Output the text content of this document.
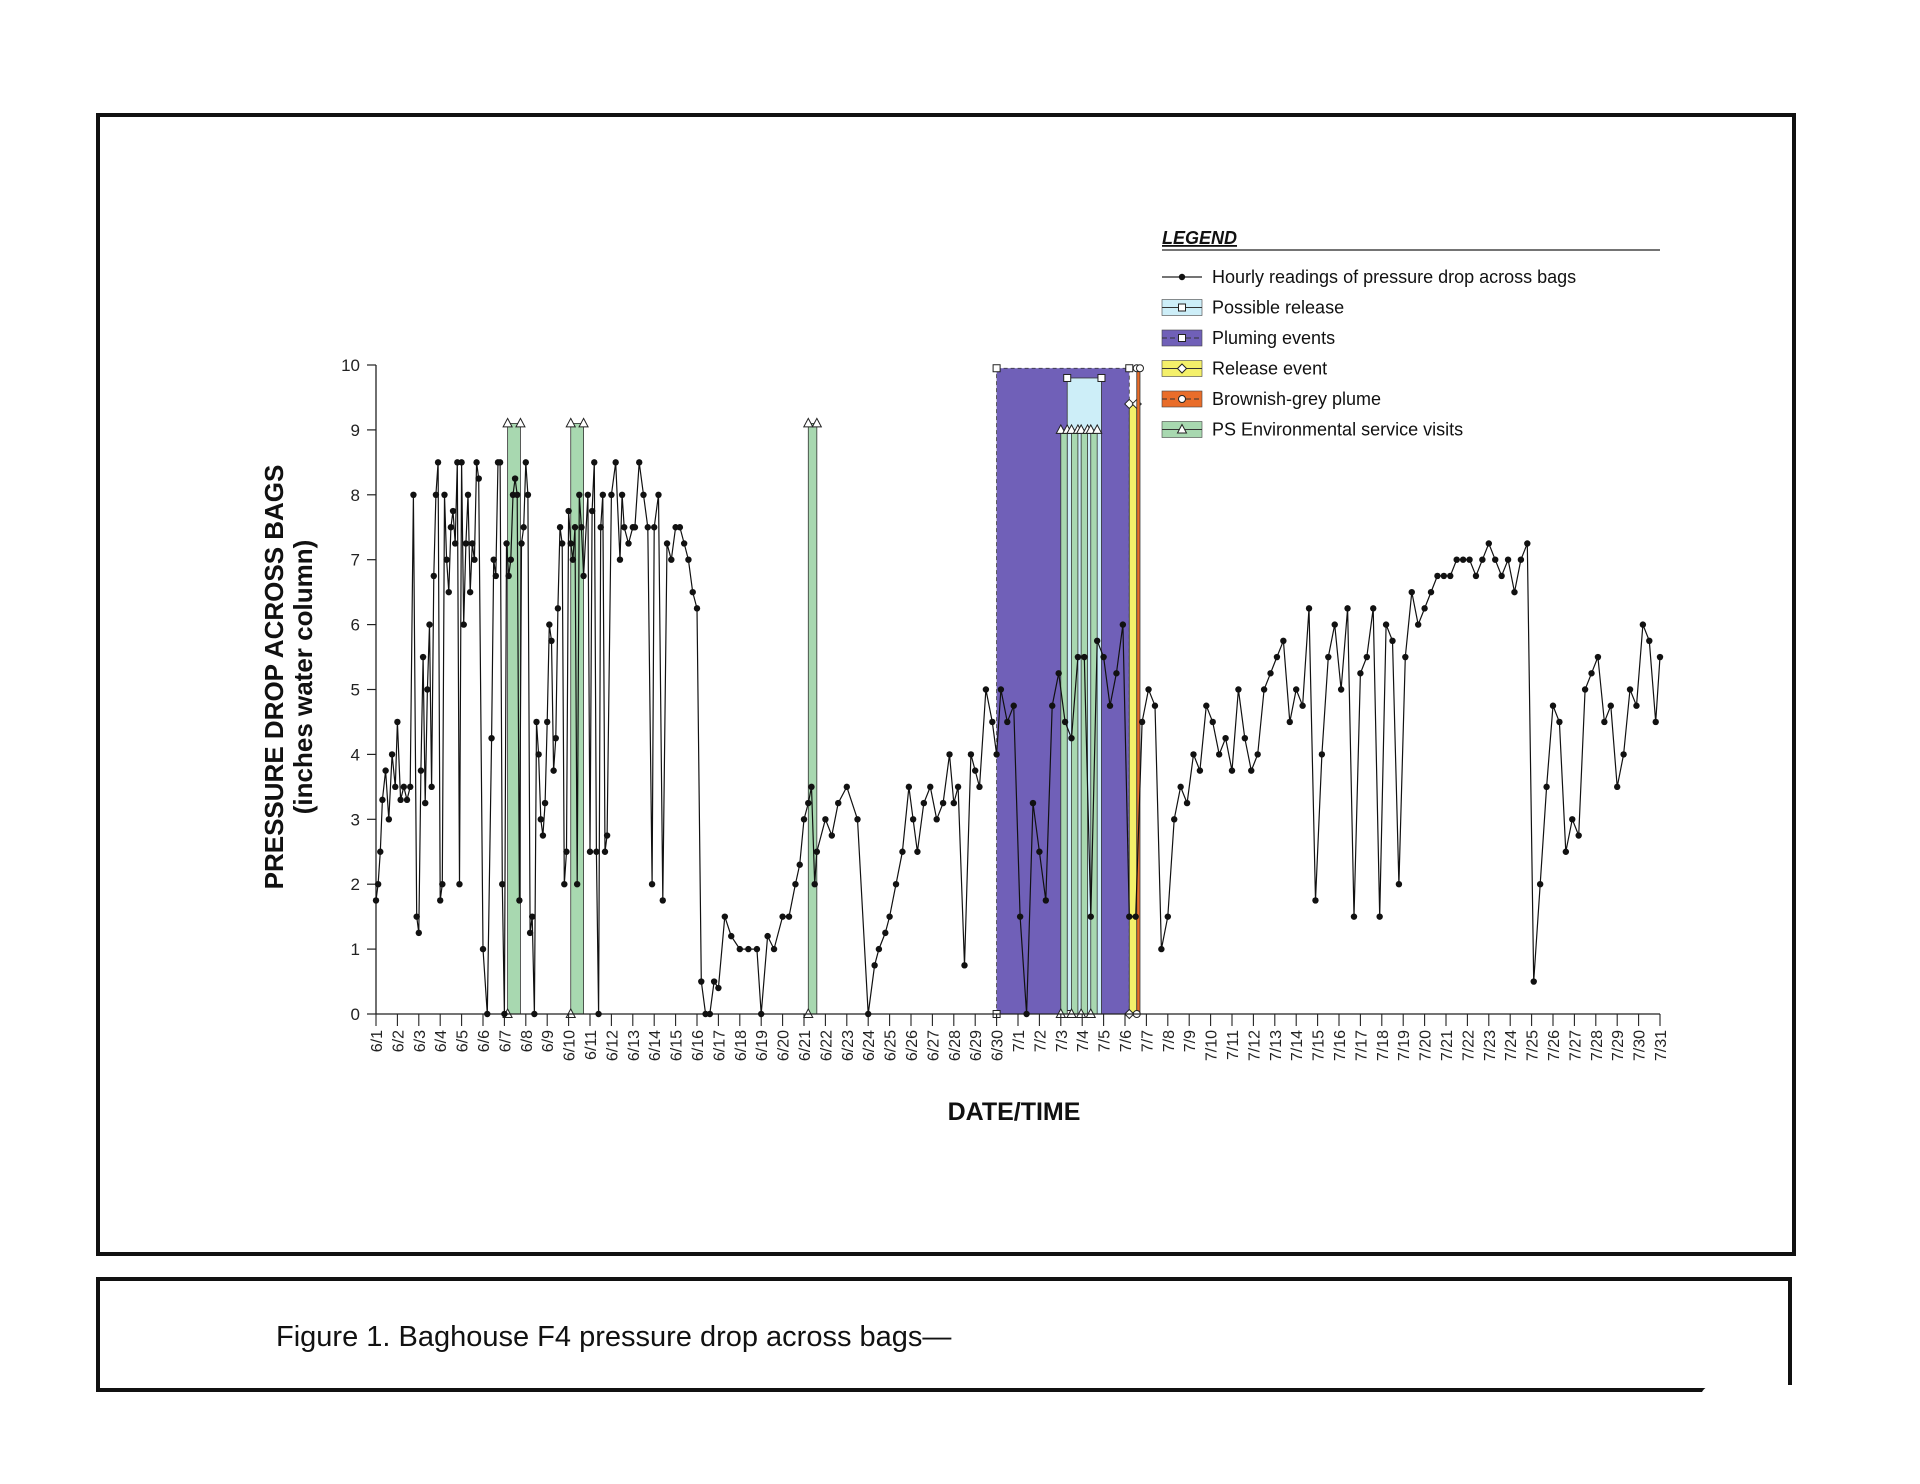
0
1
2
3
4
5
6
7
8
9
10
6/1 6/2 6/3 6/4 6/5 6/6 6/7 6/8 6/9 6/10 6/11 6/12 6/13 6/14 6/15 6/16 6/17 6/18 6/19 6/20 6/21 6/22 6/23 6/24 6/25 6/26 6/27 6/28 6/29 6/30 7/1 7/2 7/3 7/4 7/5 7/6 7/7 7/8 7/9 7/10 7/11 7/12 7/13 7/14 7/15 7/16 7/17 7/18 7/19 7/20 7/21 7/22 7/23 7/24 7/25 7/26 7/27 7/28 7/29 7/30 7/31
LEGEND
Hourly readings of pressure drop across bags
Possible release
Pluming events
Release event
Brownish-grey plume
PS Environmental service visits
DATE/TIME
PRESSURE DROP ACROSS BAGS (inches water column)
Figure 1. Baghouse F4 pressure drop across bags—
